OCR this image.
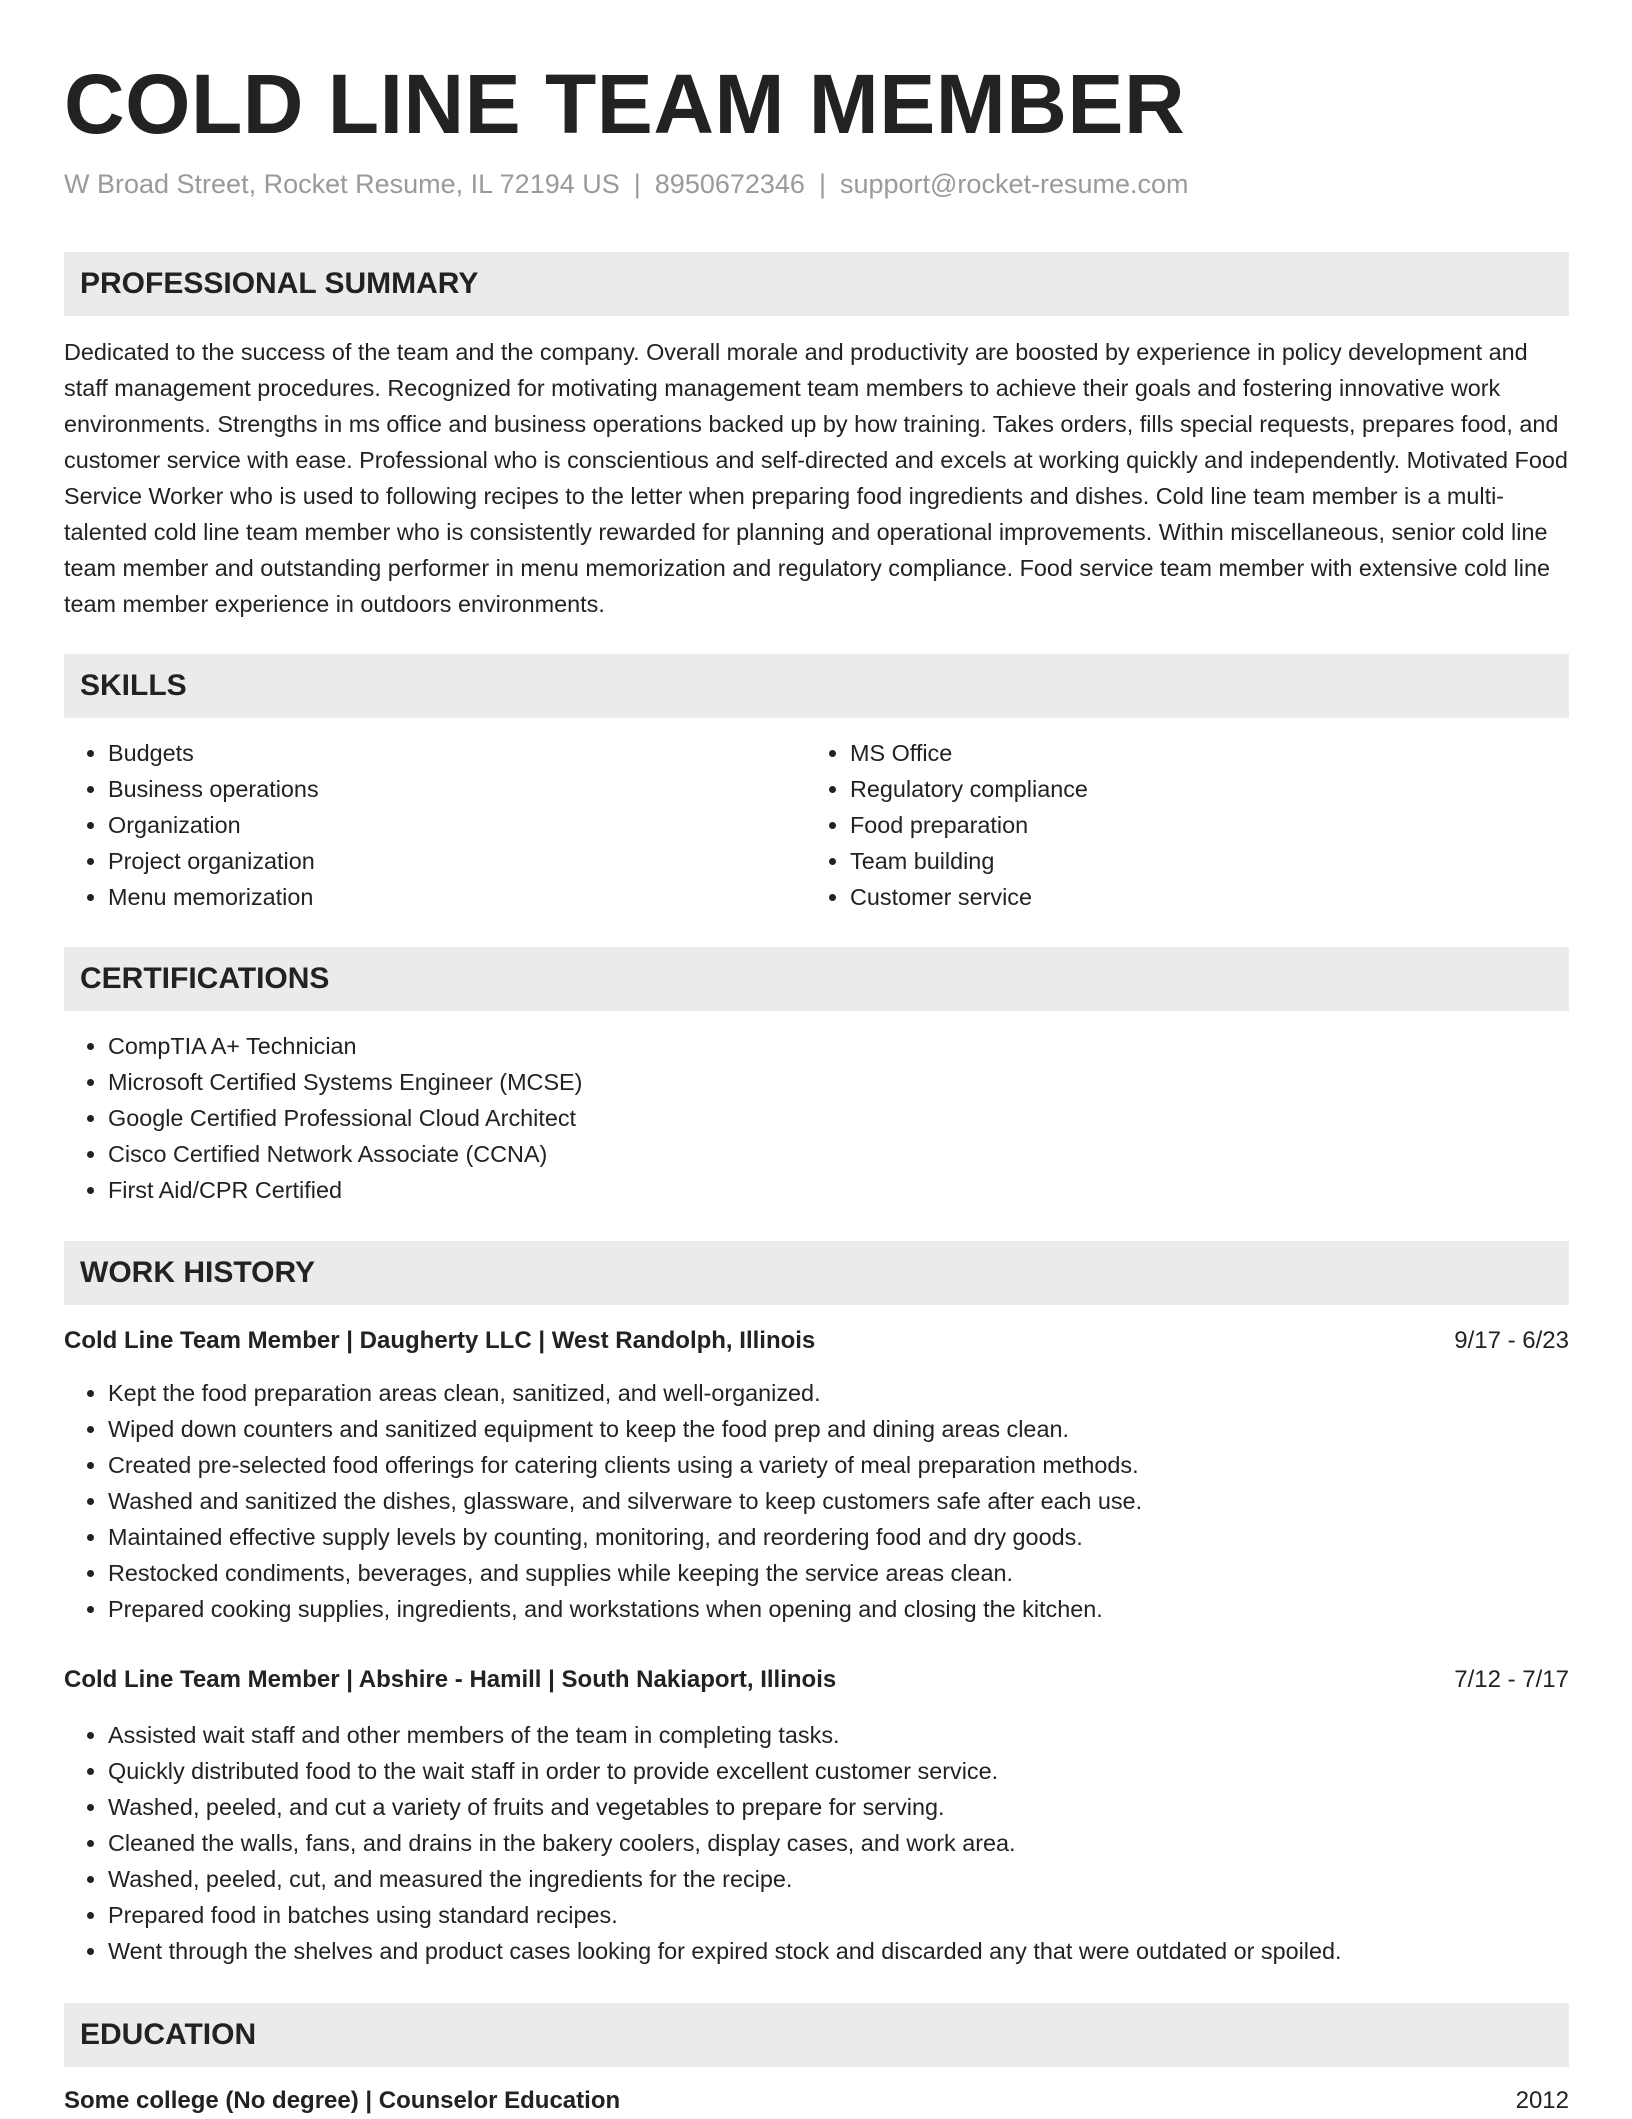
COLD LINE TEAM MEMBER
W Broad Street, Rocket Resume, IL 72194 US | 8950672346 | support@rocket-resume.com
PROFESSIONAL SUMMARY

Dedicated to the success of the team and the company. Overall morale and productivity are boosted by experience in policy development and staff management procedures. Recognized for motivating management team members to achieve their goals and fostering innovative work environments. Strengths in ms office and business operations backed up by how training. Takes orders, fills special requests, prepares food, and customer service with ease. Professional who is conscientious and self-directed and excels at working quickly and independently. Motivated Food Service Worker who is used to following recipes to the letter when preparing food ingredients and dishes. Cold line team member is a multi-talented cold line team member who is consistently rewarded for planning and operational improvements. Within miscellaneous, senior cold line team member and outstanding performer in menu memorization and regulatory compliance. Food service team member with extensive cold line team member experience in outdoors environments.

SKILLS
• Budgets
• Business operations
• Organization
• Project organization
• Menu memorization
• MS Office
• Regulatory compliance
• Food preparation
• Team building
• Customer service
CERTIFICATIONS
• CompTIA A+ Technician
• Microsoft Certified Systems Engineer (MCSE)
• Google Certified Professional Cloud Architect
• Cisco Certified Network Associate (CCNA)
• First Aid/CPR Certified
WORK HISTORY
Cold Line Team Member | Daugherty LLC | West Randolph, Illinois	9/17 - 6/23
• Kept the food preparation areas clean, sanitized, and well-organized.
• Wiped down counters and sanitized equipment to keep the food prep and dining areas clean.
• Created pre-selected food offerings for catering clients using a variety of meal preparation methods.
• Washed and sanitized the dishes, glassware, and silverware to keep customers safe after each use.
• Maintained effective supply levels by counting, monitoring, and reordering food and dry goods.
• Restocked condiments, beverages, and supplies while keeping the service areas clean.
• Prepared cooking supplies, ingredients, and workstations when opening and closing the kitchen.
Cold Line Team Member | Abshire - Hamill | South Nakiaport, Illinois	7/12 - 7/17
• Assisted wait staff and other members of the team in completing tasks.
• Quickly distributed food to the wait staff in order to provide excellent customer service.
• Washed, peeled, and cut a variety of fruits and vegetables to prepare for serving.
• Cleaned the walls, fans, and drains in the bakery coolers, display cases, and work area.
• Washed, peeled, cut, and measured the ingredients for the recipe.
• Prepared food in batches using standard recipes.
• Went through the shelves and product cases looking for expired stock and discarded any that were outdated or spoiled.
EDUCATION
Some college (No degree) | Counselor Education	2012
